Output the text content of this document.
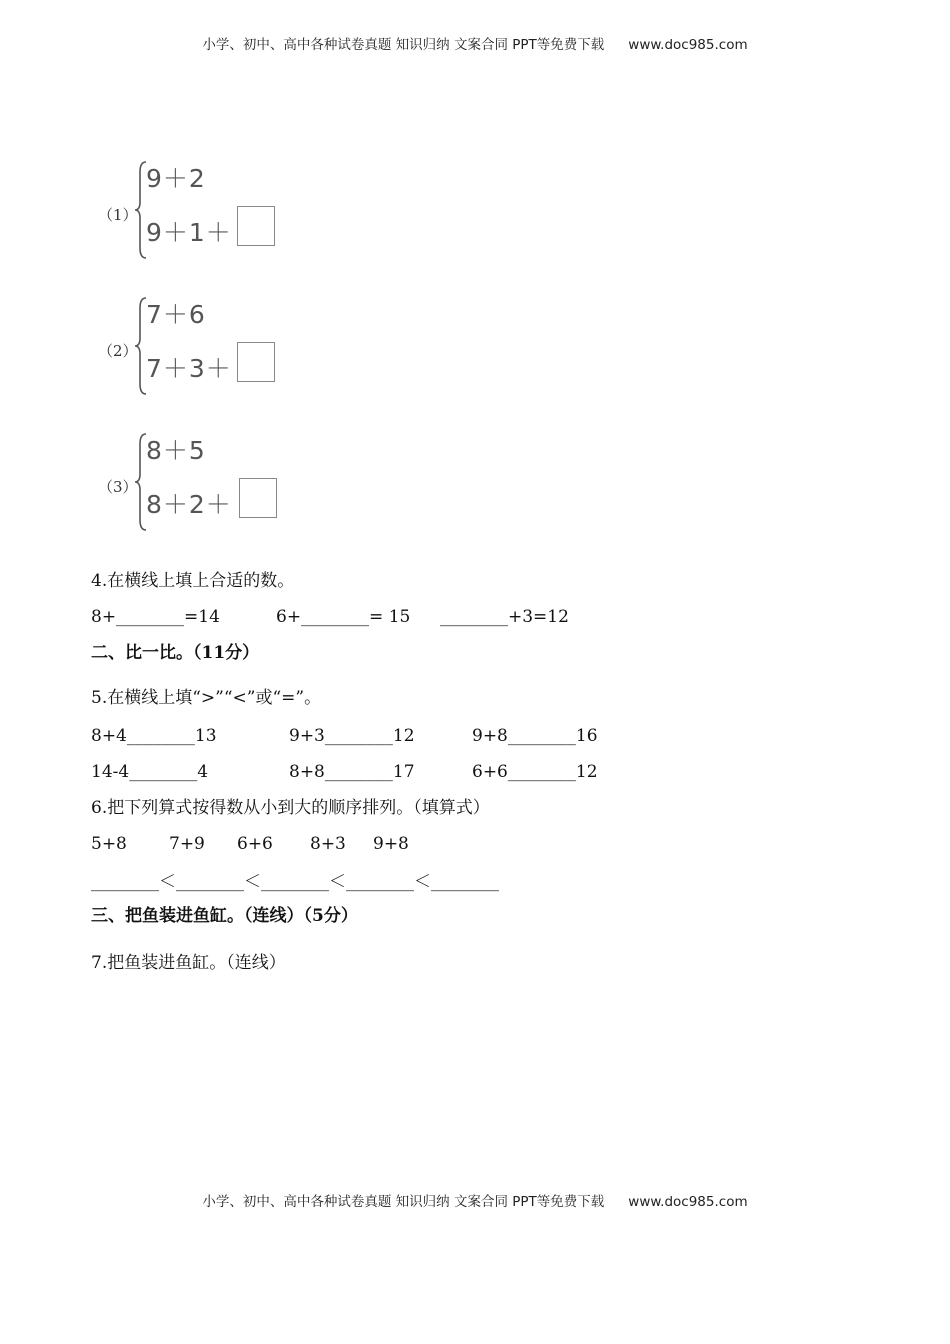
小学、初中、高中各种试卷真题 知识归纳 文案合同 PPT等免费下载 www.doc985.com
（1）
9＋2
9＋1＋
（2）
7＋6
7＋3＋
（3）
8＋5
8＋2＋
4.在横线上填上合适的数。
8+________=14	6+________= 15 ________+3=12
二、比一比。（11分）
5.在横线上填“>”“<”或“=”。
8+4________13	9+3________12	9+8________16
14-4________4	8+8________17	6+6________12
6.把下列算式按得数从小到大的顺序排列。（填算式）
5+8 7+9 6+6 8+3 9+8
________＜________＜________＜________＜________
三、把鱼装进鱼缸。（连线）（5分）
7.把鱼装进鱼缸。（连线）
小学、初中、高中各种试卷真题 知识归纳 文案合同 PPT等免费下载 www.doc985.com
